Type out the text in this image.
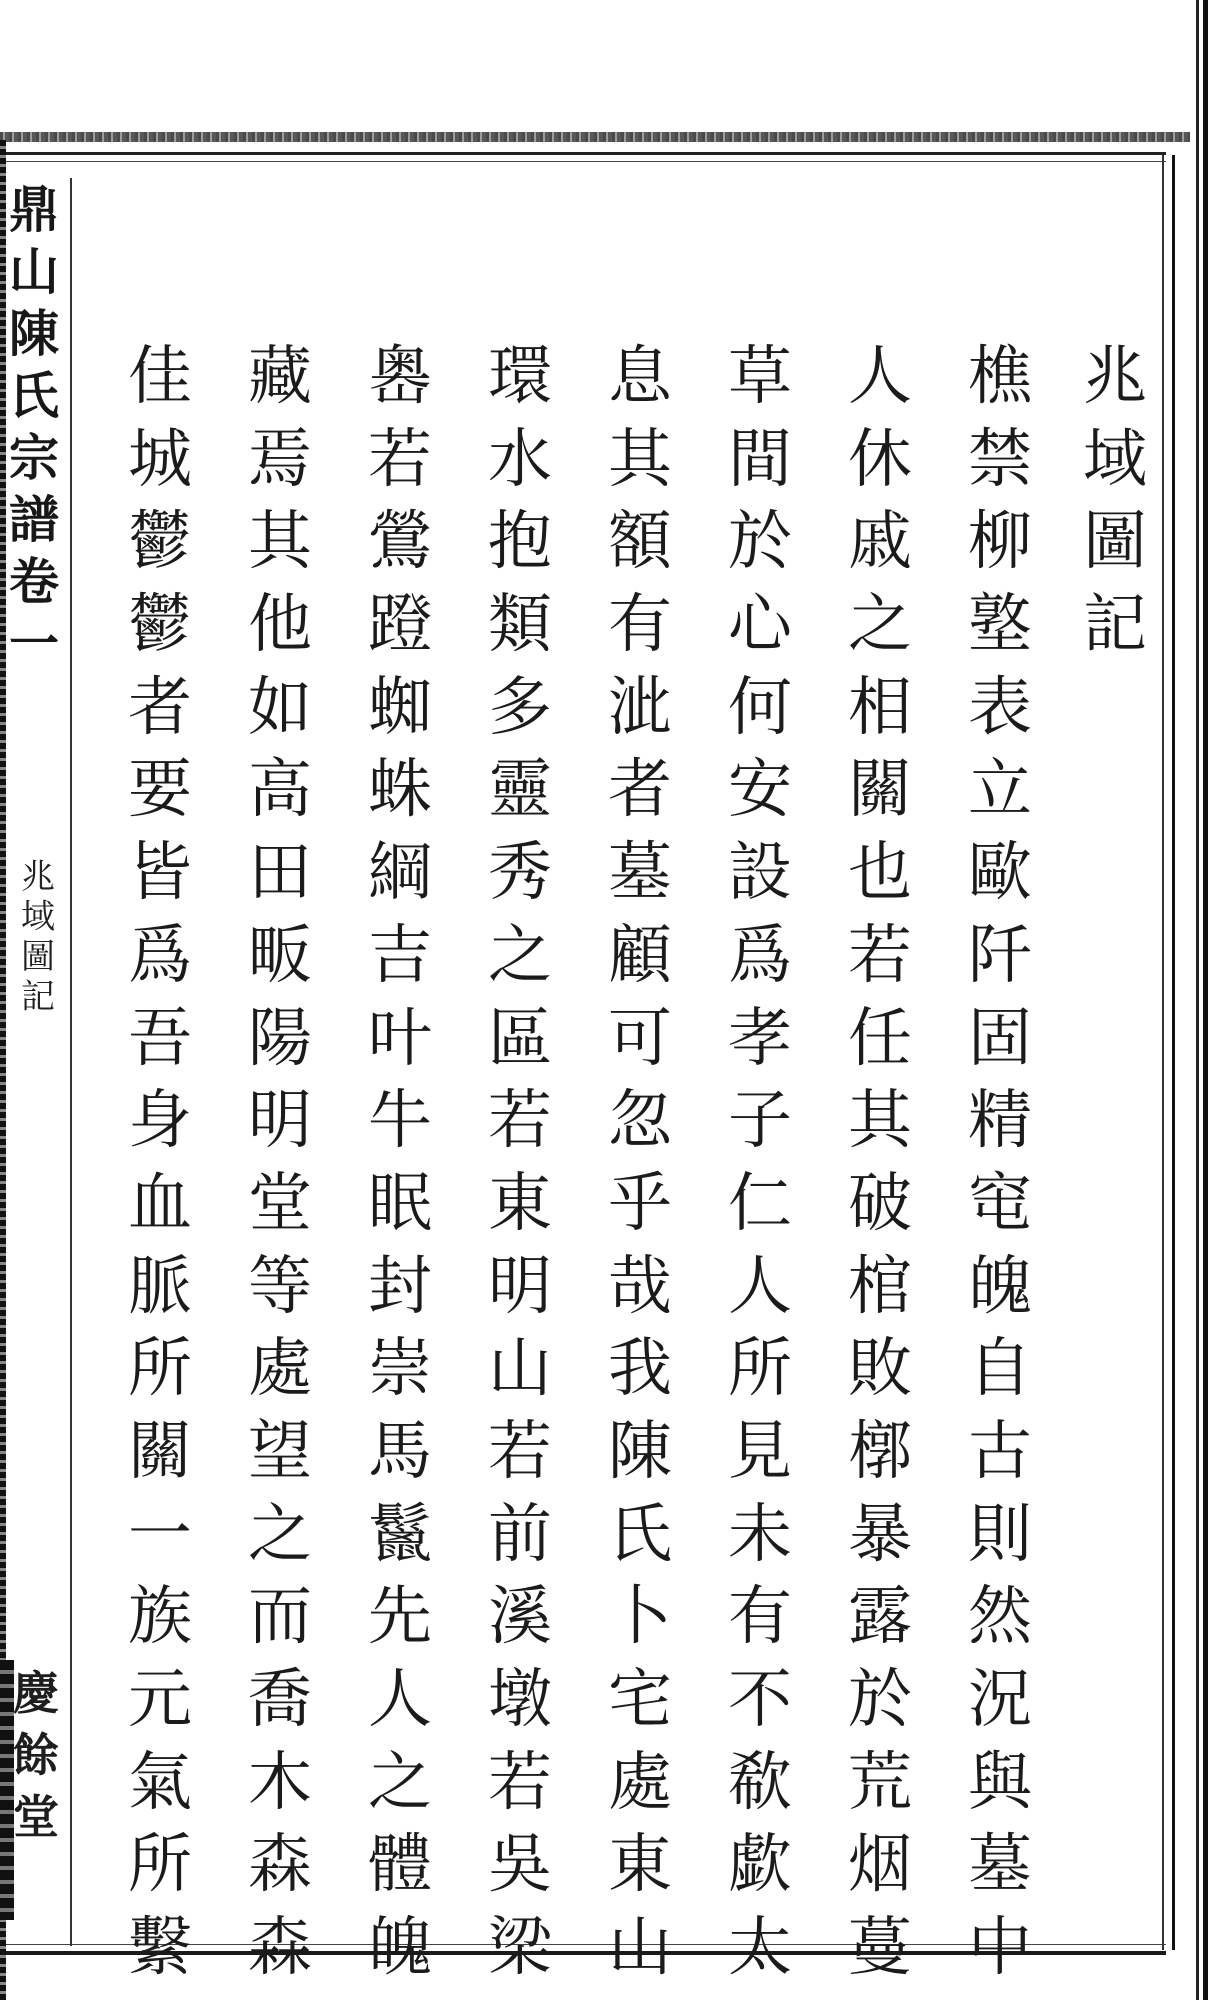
鼎
山
陳
氏
宗
譜
卷
一
兆
域
圖
記
慶
餘
堂
兆
域
圖
記
樵
禁
柳
墪
表
立
歐
阡
固
精
窀
魄
自
古
則
然
況
與
墓
中
人
休
戚
之
相
關
也
若
任
其
破
棺
敗
槨
暴
露
於
荒
烟
蔓
草
間
於
心
何
安
設
爲
孝
子
仁
人
所
見
未
有
不
欷
歔
太
息
其
額
有
泚
者
墓
顧
可
忽
乎
哉
我
陳
氏
卜
宅
處
東
山
環
水
抱
類
多
靈
秀
之
區
若
東
明
山
若
前
溪
墩
若
吳
梁
嶴
若
鶯
蹬
蜘
蛛
綱
吉
叶
牛
眠
封
崇
馬
鬣
先
人
之
體
魄
藏
焉
其
他
如
高
田
畈
陽
明
堂
等
處
望
之
而
喬
木
森
森
佳
城
鬱
鬱
者
要
皆
爲
吾
身
血
脈
所
關
一
族
元
氣
所
繫
